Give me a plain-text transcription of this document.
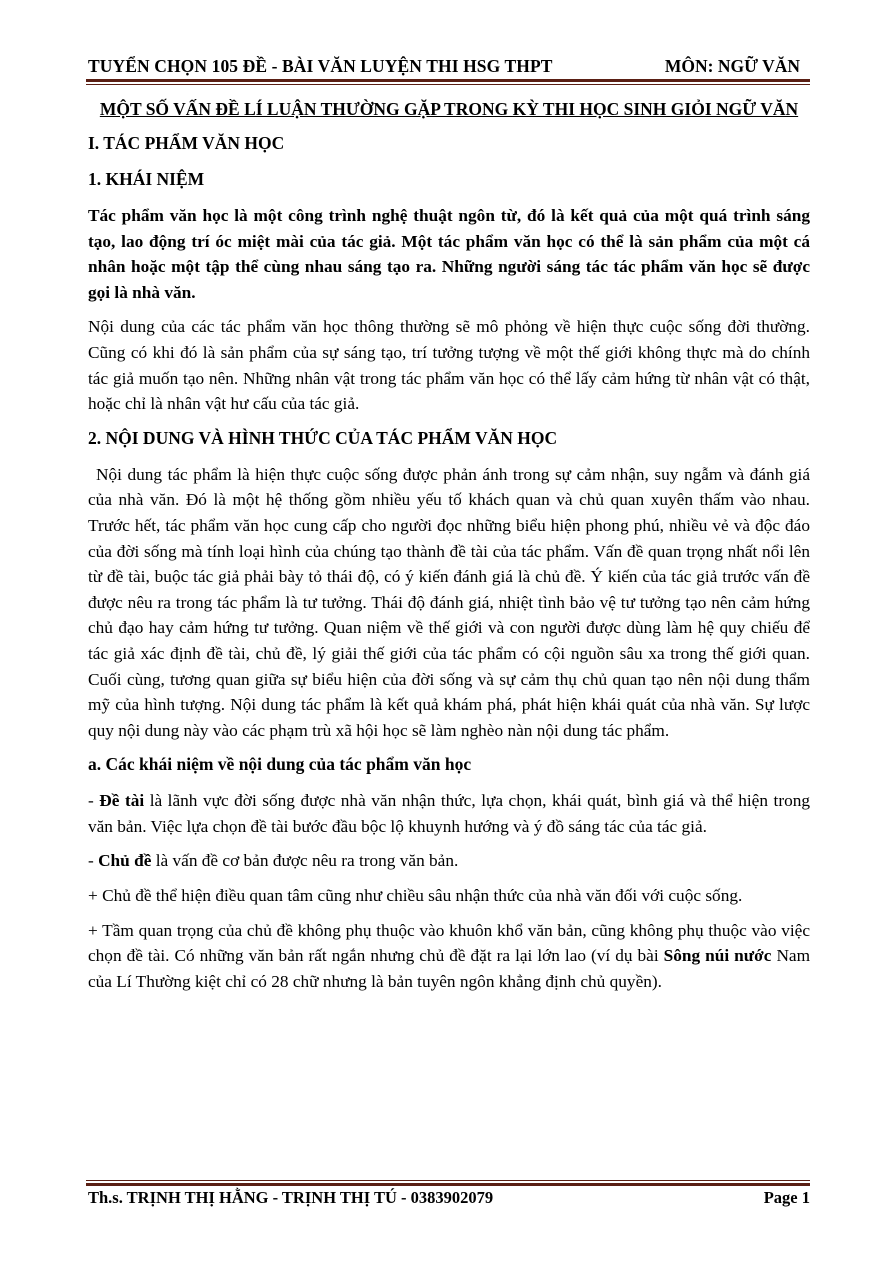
TUYỂN CHỌN 105 ĐỀ - BÀI VĂN LUYỆN THI HSG THPT	MÔN: NGỮ VĂN
MỘT SỐ VẤN ĐỀ LÍ LUẬN THƯỜNG GẶP TRONG KỲ THI HỌC SINH GIỎI NGỮ VĂN
I. TÁC PHẨM VĂN HỌC
1. KHÁI NIỆM

Tác phẩm văn học là một công trình nghệ thuật ngôn từ, đó là kết quả của một quá trình sáng tạo, lao động trí óc miệt mài của tác giả. Một tác phẩm văn học có thể là sản phẩm của một cá nhân hoặc một tập thể cùng nhau sáng tạo ra. Những người sáng tác tác phẩm văn học sẽ được gọi là nhà văn.

Nội dung của các tác phẩm văn học thông thường sẽ mô phỏng về hiện thực cuộc sống đời thường. Cũng có khi đó là sản phẩm của sự sáng tạo, trí tưởng tượng về một thế giới không thực mà do chính tác giả muốn tạo nên. Những nhân vật trong tác phẩm văn học có thể lấy cảm hứng từ nhân vật có thật, hoặc chỉ là nhân vật hư cấu của tác giả.

2. NỘI DUNG VÀ HÌNH THỨC CỦA TÁC PHẨM VĂN HỌC

Nội dung tác phẩm là hiện thực cuộc sống được phản ánh trong sự cảm nhận, suy ngẫm và đánh giá của nhà văn. Đó là một hệ thống gồm nhiều yếu tố khách quan và chủ quan xuyên thấm vào nhau. Trước hết, tác phẩm văn học cung cấp cho người đọc những biểu hiện phong phú, nhiều vẻ và độc đáo của đời sống mà tính loại hình của chúng tạo thành đề tài của tác phẩm. Vấn đề quan trọng nhất nổi lên từ đề tài, buộc tác giả phải bày tỏ thái độ, có ý kiến đánh giá là chủ đề. Ý kiến của tác giả trước vấn đề được nêu ra trong tác phẩm là tư tưởng. Thái độ đánh giá, nhiệt tình bảo vệ tư tưởng tạo nên cảm hứng chủ đạo hay cảm hứng tư tưởng. Quan niệm về thế giới và con người được dùng làm hệ quy chiếu để tác giả xác định đề tài, chủ đề, lý giải thế giới của tác phẩm có cội nguồn sâu xa trong thế giới quan. Cuối cùng, tương quan giữa sự biểu hiện của đời sống và sự cảm thụ chủ quan tạo nên nội dung thẩm mỹ của hình tượng. Nội dung tác phẩm là kết quả khám phá, phát hiện khái quát của nhà văn. Sự lược quy nội dung này vào các phạm trù xã hội học sẽ làm nghèo nàn nội dung tác phẩm.

a. Các khái niệm về nội dung của tác phẩm văn học

- Đề tài là lãnh vực đời sống được nhà văn nhận thức, lựa chọn, khái quát, bình giá và thể hiện trong văn bản. Việc lựa chọn đề tài bước đầu bộc lộ khuynh hướng và ý đồ sáng tác của tác giả.

- Chủ đề là vấn đề cơ bản được nêu ra trong văn bản.

+ Chủ đề thể hiện điều quan tâm cũng như chiều sâu nhận thức của nhà văn đối với cuộc sống.

+ Tầm quan trọng của chủ đề không phụ thuộc vào khuôn khổ văn bản, cũng không phụ thuộc vào việc chọn đề tài. Có những văn bản rất ngắn nhưng chủ đề đặt ra lại lớn lao (ví dụ bài Sông núi nước Nam của Lí Thường kiệt chỉ có 28 chữ nhưng là bản tuyên ngôn khẳng định chủ quyền).

Th.s. TRỊNH THỊ HẰNG - TRỊNH THỊ TÚ - 0383902079	Page 1
